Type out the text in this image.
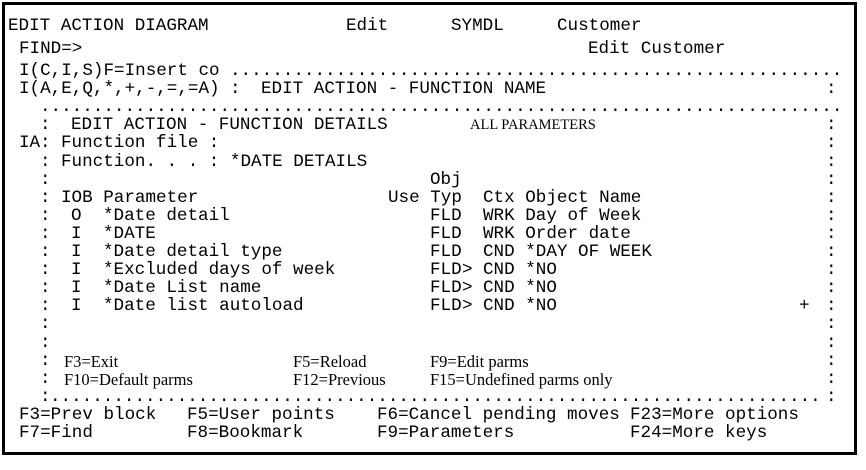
EDIT ACTION DIAGRAM	Edit	SYMDL	Customer
FIND=>	Edit Customer
I(C,I,S)F=Insert co ..........................................................
I(A,E,Q,*,+,-,=,=A) : EDIT ACTION - FUNCTION NAME	:
............................................................................
: EDIT ACTION - FUNCTION DETAILS	ALL PARAMETERS	:
IA : Function file :	:
: Function. . . : *DATE DETAILS	:
:	Obj	:
: IOB Parameter	Use Typ Ctx Object Name	:
: O *Date detail	FLD WRK Day of Week	:
: I *DATE	FLD WRK Order date	:
: I *Date detail type	FLD CND *DAY OF WEEK	:
: I *Excluded days of week	FLD > CND *NO	:
: I *Date List name	FLD > CND *NO	:
: I *Date list autoload	FLD > CND *NO	+ :
:	:
:	:
: F3=Exit	F5=Reload	F9=Edit parms	:
: F10=Default parms	F12=Previous	F15=Undefined parms only	:
: ......................................................................... :
F3=Prev block F5=User points F6=Cancel pending moves F23=More options
F7=Find	F8=Bookmark	F9=Parameters	F24=More keys
